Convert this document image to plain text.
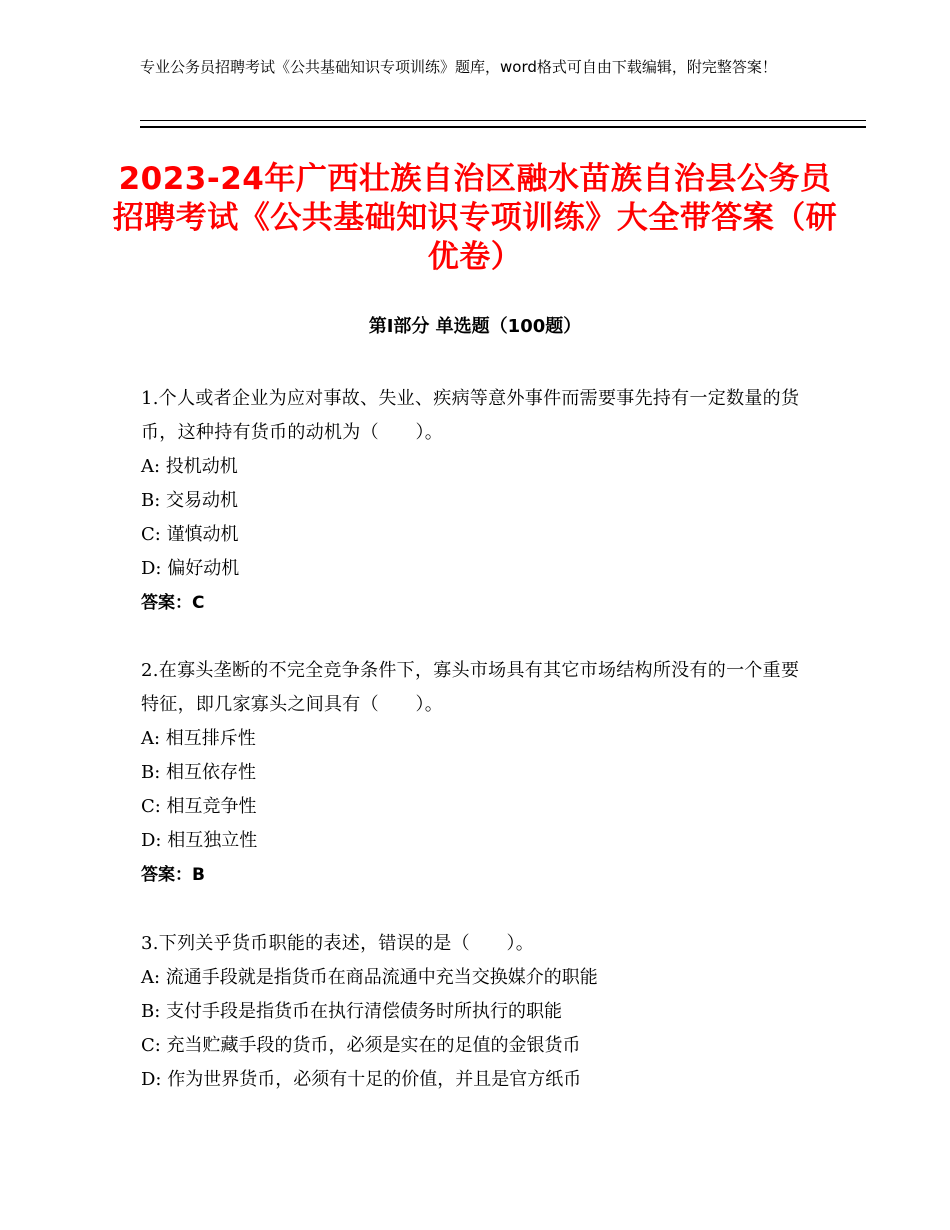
专业公务员招聘考试《公共基础知识专项训练》题库，word格式可自由下载编辑，附完整答案！
2023-24年广西壮族自治区融水苗族自治县公务员招聘考试《公共基础知识专项训练》大全带答案（研优卷）
第Ⅰ部分 单选题（100题）
1.个人或者企业为应对事故、失业、疾病等意外事件而需要事先持有一定数量的货币，这种持有货币的动机为（　　）。
A: 投机动机
B: 交易动机
C: 谨慎动机
D: 偏好动机
答案：C
2.在寡头垄断的不完全竞争条件下，寡头市场具有其它市场结构所没有的一个重要特征，即几家寡头之间具有（　　）。
A: 相互排斥性
B: 相互依存性
C: 相互竞争性
D: 相互独立性
答案：B
3.下列关乎货币职能的表述，错误的是（　　）。
A: 流通手段就是指货币在商品流通中充当交换媒介的职能
B: 支付手段是指货币在执行清偿债务时所执行的职能
C: 充当贮藏手段的货币，必须是实在的足值的金银货币
D: 作为世界货币，必须有十足的价值，并且是官方纸币
